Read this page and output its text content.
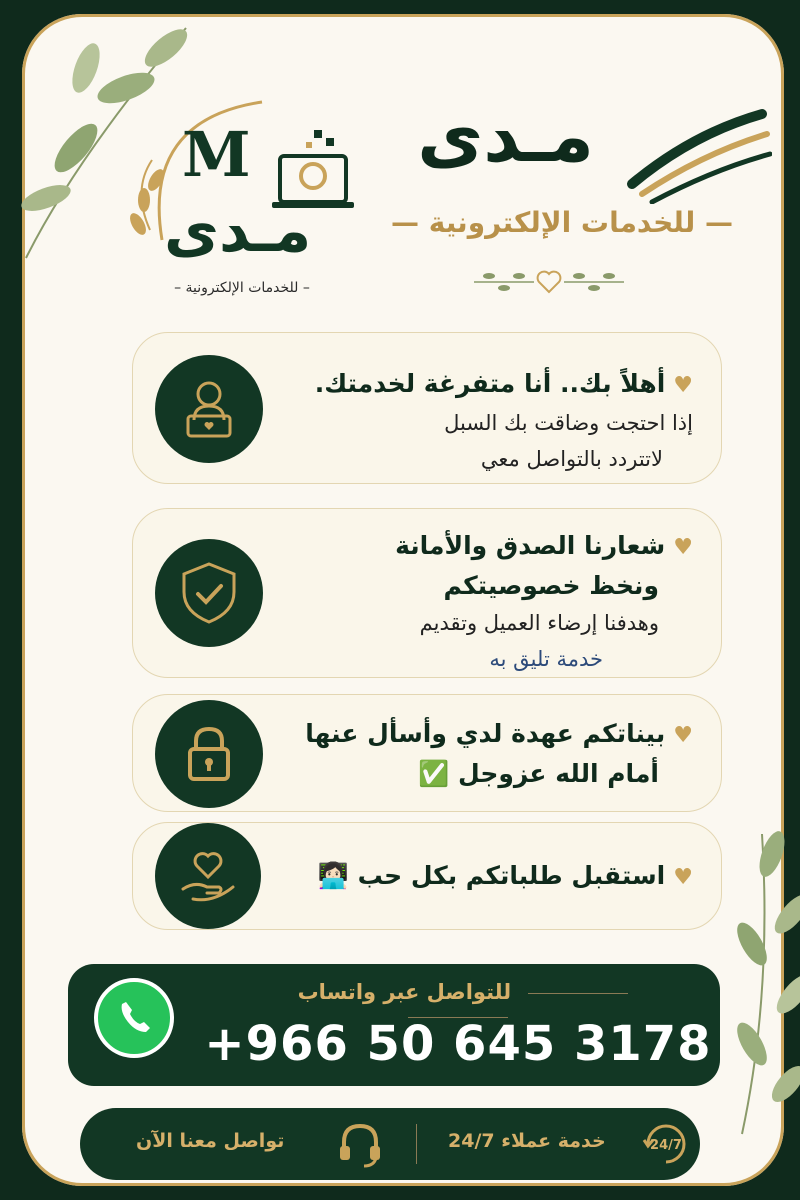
M
مـدى
– للخدمات الإلكترونية –
مـدى
— للخدمات الإلكترونية —
♥أهلاً بك.. أنا متفرغة لخدمتك.
إذا احتجت وضاقت بك السبل
لاتتردد بالتواصل معي
♥شعارنا الصدق والأمانة
ونخظ خصوصيتكم
وهدفنا إرضاء العميل وتقديم
خدمة تليق به
♥بيناتكم عهدة لدي وأسأل عنها
أمام الله عزوجل ✅
♥استقبل طلباتكم بكل حب 👩🏻‍💻
للتواصل عبر واتساب
+966 50 645 3178
تواصل معنا الآن	خدمة عملاء 24/7	24/7
